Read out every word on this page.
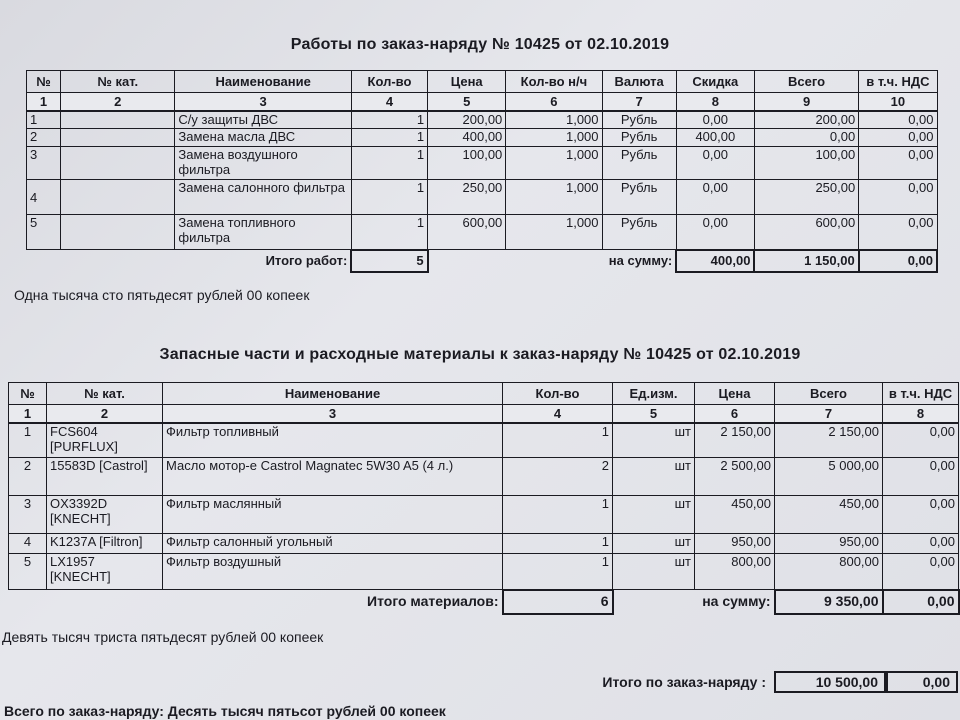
Работы по заказ-наряду № 10425 от 02.10.2019
№	№ кат.	Наименование	Кол-во	Цена	Кол-во н/ч	Валюта	Скидка	Всего	в т.ч. НДС
1	2	3	4	5	6	7	8	9	10
1		С/у защиты ДВС	1	200,00	1,000	Рубль	0,00	200,00	0,00
2		Замена масла ДВС	1	400,00	1,000	Рубль	400,00	0,00	0,00
3		Замена воздушного фильтра	1	100,00	1,000	Рубль	0,00	100,00	0,00
4		Замена салонного фильтра	1	250,00	1,000	Рубль	0,00	250,00	0,00
5		Замена топливного фильтра	1	600,00	1,000	Рубль	0,00	600,00	0,00
		Итого работ:	5		на сумму:		400,00	1 150,00	0,00
Одна тысяча сто пятьдесят рублей 00 копеек
Запасные части и расходные материалы к заказ-наряду № 10425 от 02.10.2019
№	№ кат.	Наименование	Кол-во	Ед.изм.	Цена	Всего	в т.ч. НДС
1	2	3	4	5	6	7	8
1	FCS604 [PURFLUX]	Фильтр топливный	1	шт	2 150,00	2 150,00	0,00
2	15583D [Castrol]	Масло мотор-е Castrol Magnatec 5W30 A5 (4 л.)	2	шт	2 500,00	5 000,00	0,00
3	OX3392D [KNECHT]	Фильтр маслянный	1	шт	450,00	450,00	0,00
4	K1237A [Filtron]	Фильтр салонный угольный	1	шт	950,00	950,00	0,00
5	LX1957 [KNECHT]	Фильтр воздушный	1	шт	800,00	800,00	0,00
		Итого материалов:	6	на сумму:		9 350,00	0,00
Девять тысяч триста пятьдесят рублей 00 копеек
Итого по заказ-наряду :	10 500,00	0,00
Всего по заказ-наряду: Десять тысяч пятьсот рублей 00 копеек
